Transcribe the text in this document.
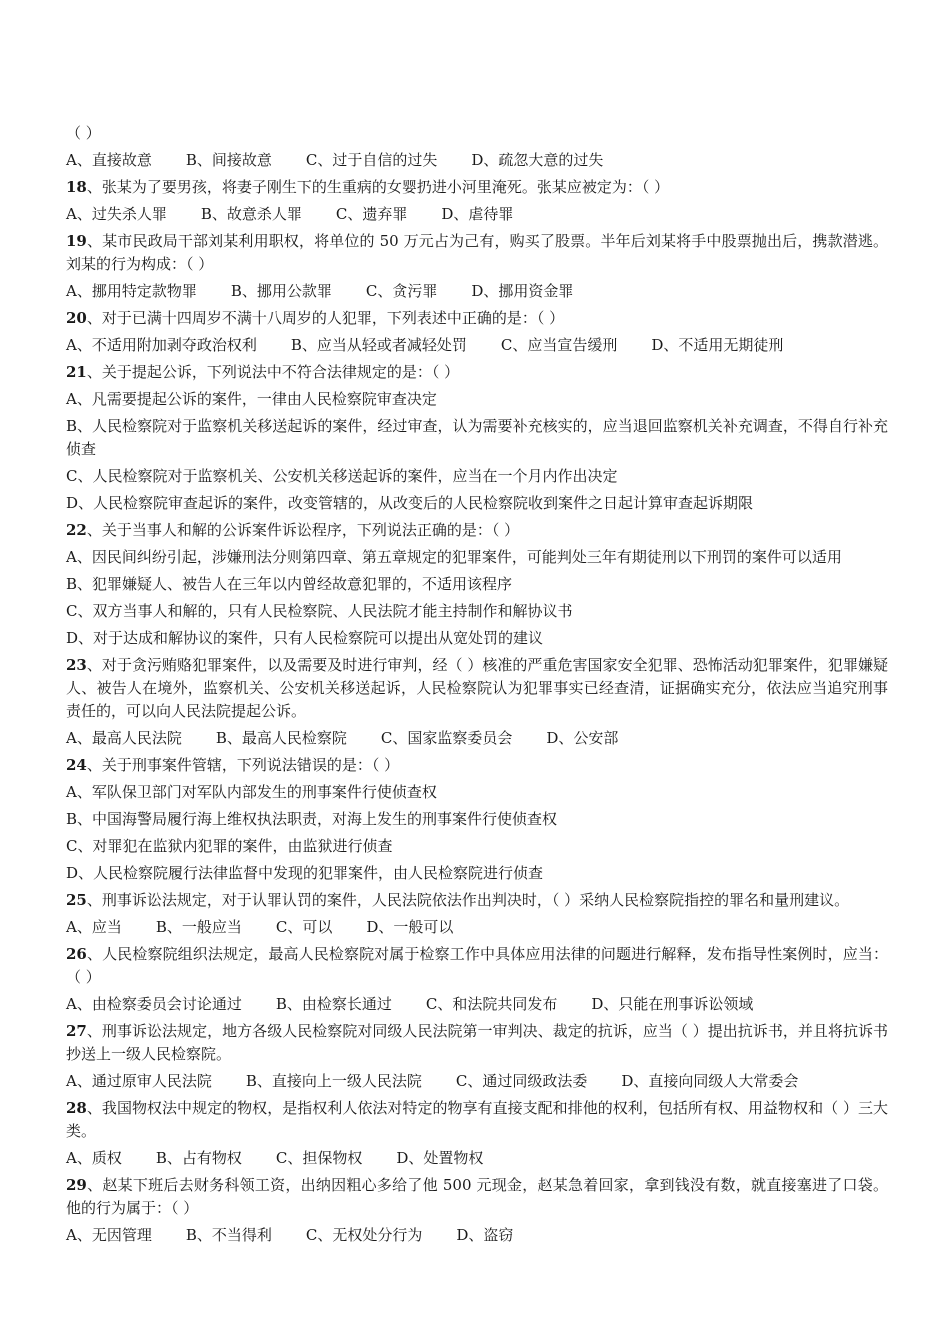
（ ）
A、直接故意 B、间接故意 C、过于自信的过失 D、疏忽大意的过失
18、张某为了要男孩，将妻子刚生下的生重病的女婴扔进小河里淹死。张某应被定为：（ ）
A、过失杀人罪 B、故意杀人罪 C、遗弃罪 D、虐待罪
19、某市民政局干部刘某利用职权，将单位的 50 万元占为己有，购买了股票。半年后刘某将手中股票抛出后，携款潜逃。刘某的行为构成：（ ）
A、挪用特定款物罪 B、挪用公款罪 C、贪污罪 D、挪用资金罪
20、对于已满十四周岁不满十八周岁的人犯罪，下列表述中正确的是：（ ）
A、不适用附加剥夺政治权利 B、应当从轻或者减轻处罚 C、应当宣告缓刑 D、不适用无期徒刑
21、关于提起公诉，下列说法中不符合法律规定的是：（ ）
A、凡需要提起公诉的案件，一律由人民检察院审查决定
B、人民检察院对于监察机关移送起诉的案件，经过审查，认为需要补充核实的，应当退回监察机关补充调查，不得自行补充侦查
C、人民检察院对于监察机关、公安机关移送起诉的案件，应当在一个月内作出决定
D、人民检察院审查起诉的案件，改变管辖的，从改变后的人民检察院收到案件之日起计算审查起诉期限
22、关于当事人和解的公诉案件诉讼程序，下列说法正确的是：（ ）
A、因民间纠纷引起，涉嫌刑法分则第四章、第五章规定的犯罪案件，可能判处三年有期徒刑以下刑罚的案件可以适用
B、犯罪嫌疑人、被告人在三年以内曾经故意犯罪的，不适用该程序
C、双方当事人和解的，只有人民检察院、人民法院才能主持制作和解协议书
D、对于达成和解协议的案件，只有人民检察院可以提出从宽处罚的建议
23、对于贪污贿赂犯罪案件，以及需要及时进行审判，经（ ）核准的严重危害国家安全犯罪、恐怖活动犯罪案件，犯罪嫌疑人、被告人在境外，监察机关、公安机关移送起诉，人民检察院认为犯罪事实已经查清，证据确实充分，依法应当追究刑事责任的，可以向人民法院提起公诉。
A、最高人民法院 B、最高人民检察院 C、国家监察委员会 D、公安部
24、关于刑事案件管辖，下列说法错误的是：（ ）
A、军队保卫部门对军队内部发生的刑事案件行使侦查权
B、中国海警局履行海上维权执法职责，对海上发生的刑事案件行使侦查权
C、对罪犯在监狱内犯罪的案件，由监狱进行侦查
D、人民检察院履行法律监督中发现的犯罪案件，由人民检察院进行侦查
25、刑事诉讼法规定，对于认罪认罚的案件，人民法院依法作出判决时，（ ）采纳人民检察院指控的罪名和量刑建议。
A、应当 B、一般应当 C、可以 D、一般可以
26、人民检察院组织法规定，最高人民检察院对属于检察工作中具体应用法律的问题进行解释，发布指导性案例时，应当：（ ）
A、由检察委员会讨论通过 B、由检察长通过 C、和法院共同发布 D、只能在刑事诉讼领域
27、刑事诉讼法规定，地方各级人民检察院对同级人民法院第一审判决、裁定的抗诉，应当（ ）提出抗诉书，并且将抗诉书抄送上一级人民检察院。
A、通过原审人民法院 B、直接向上一级人民法院 C、通过同级政法委 D、直接向同级人大常委会
28、我国物权法中规定的物权，是指权利人依法对特定的物享有直接支配和排他的权利，包括所有权、用益物权和（ ）三大类。
A、质权 B、占有物权 C、担保物权 D、处置物权
29、赵某下班后去财务科领工资，出纳因粗心多给了他 500 元现金，赵某急着回家，拿到钱没有数，就直接塞进了口袋。他的行为属于：（ ）
A、无因管理 B、不当得利 C、无权处分行为 D、盗窃
